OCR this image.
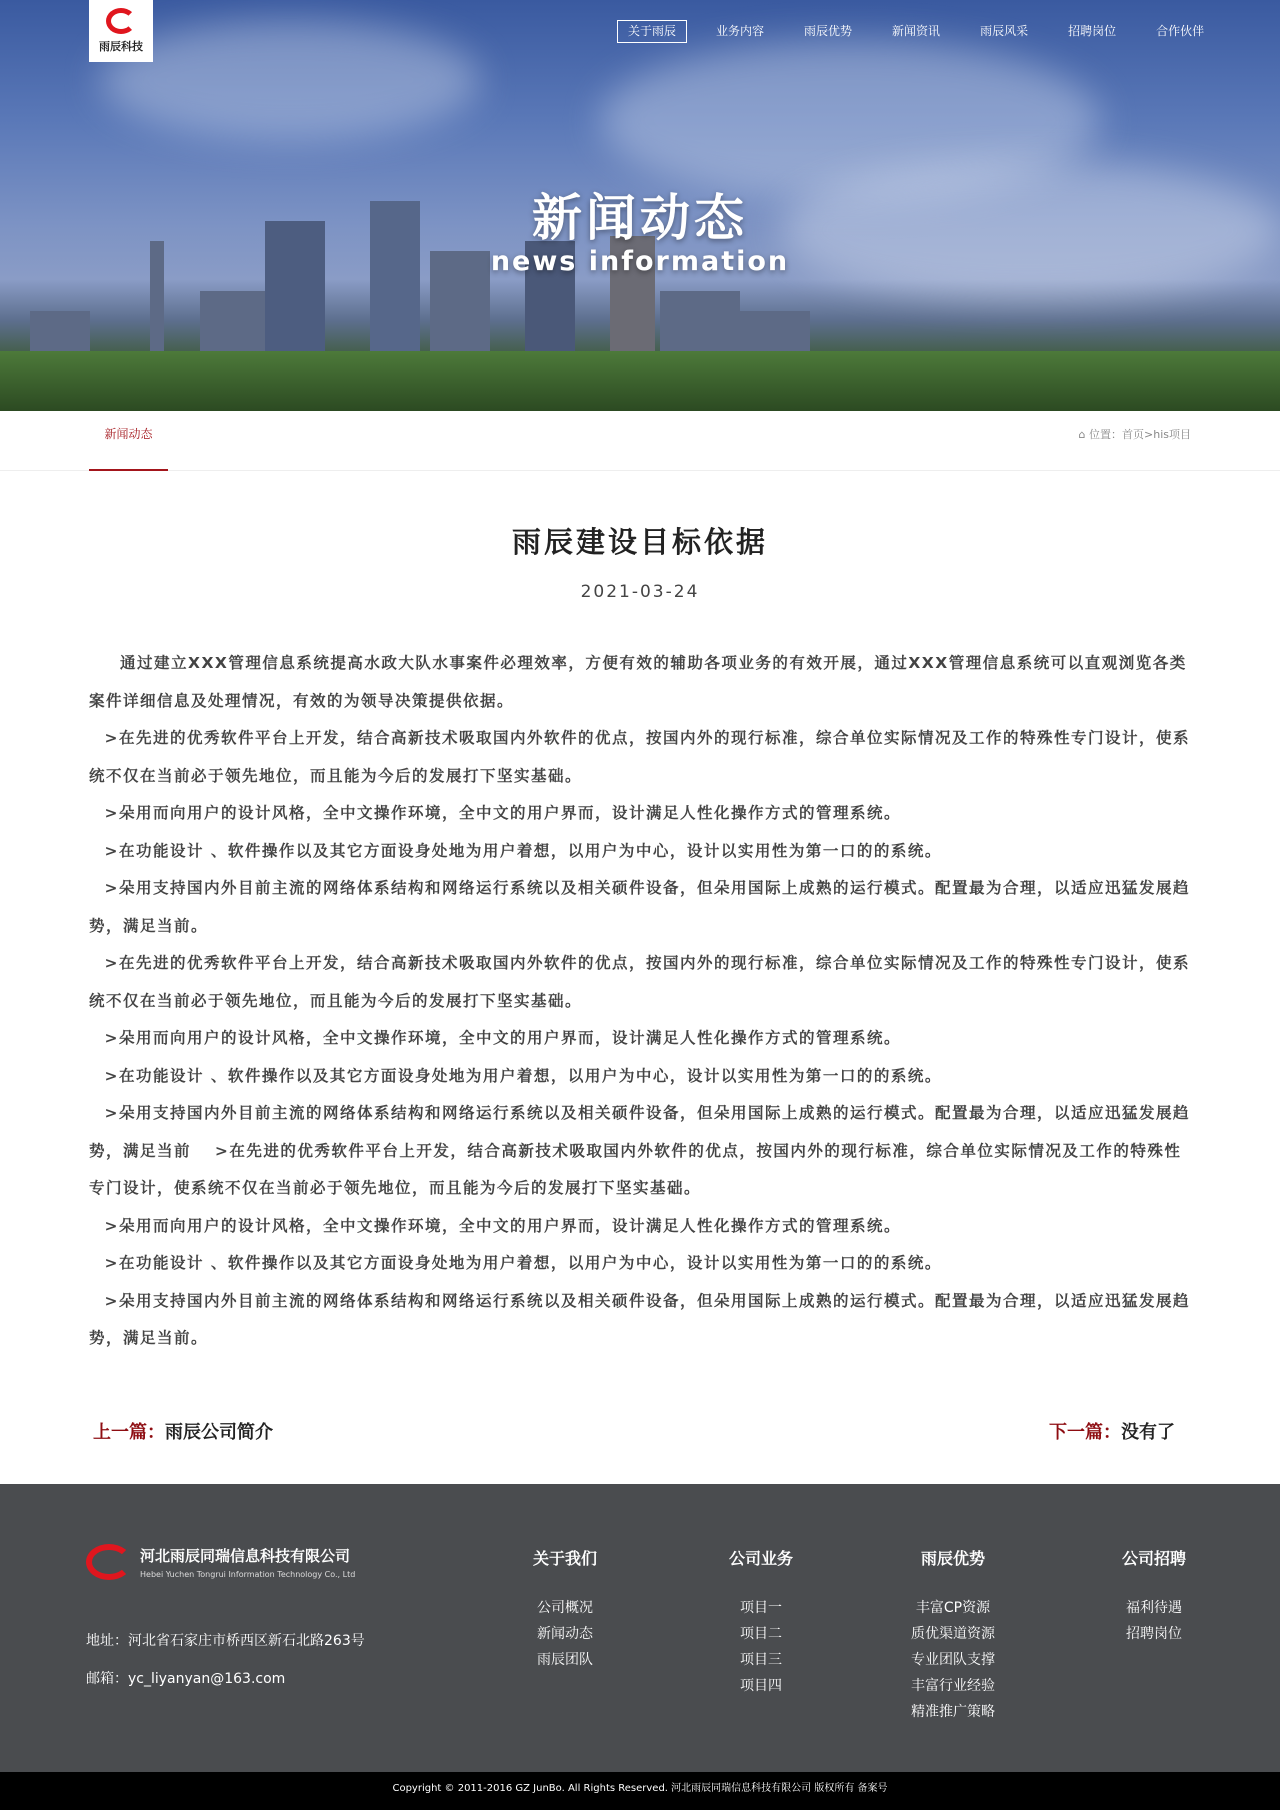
新闻动态
news information
雨辰科技
关于雨辰	业务内容	雨辰优势	新闻资讯	雨辰风采	招聘岗位	合作伙伴
新闻动态	⌂ 位置：首页>his项目
雨辰建设目标依据
2021-03-24

通过建立XXX管理信息系统提高水政大队水事案件必理效率，方便有效的辅助各项业务的有效开展，通过XXX管理信息系统可以直观浏览各类案件详细信息及处理情况，有效的为领导决策提供依据。

>在先进的优秀软件平台上开发，结合高新技术吸取国内外软件的优点，按国内外的现行标准，综合单位实际情况及工作的特殊性专门设计，使系统不仅在当前必于领先地位，而且能为今后的发展打下坚实基础。

>朵用而向用户的设计风格，全中文操作环境，全中文的用户界而，设计满足人性化操作方式的管理系统。

>在功能设计 、软件操作以及其它方面设身处地为用户着想，以用户为中心，设计以实用性为第一口的的系统。

>朵用支持国内外目前主流的网络体系结构和网络运行系统以及相关硕件设备，但朵用国际上成熟的运行模式。配置最为合理，以适应迅猛发展趋势，满足当前。

>在先进的优秀软件平台上开发，结合高新技术吸取国内外软件的优点，按国内外的现行标准，综合单位实际情况及工作的特殊性专门设计，使系统不仅在当前必于领先地位，而且能为今后的发展打下坚实基础。

>朵用而向用户的设计风格，全中文操作环境，全中文的用户界而，设计满足人性化操作方式的管理系统。

>在功能设计 、软件操作以及其它方面设身处地为用户着想，以用户为中心，设计以实用性为第一口的的系统。

>朵用支持国内外目前主流的网络体系结构和网络运行系统以及相关硕件设备，但朵用国际上成熟的运行模式。配置最为合理，以适应迅猛发展趋势，满足当前　 >在先进的优秀软件平台上开发，结合高新技术吸取国内外软件的优点，按国内外的现行标准，综合单位实际情况及工作的特殊性专门设计，使系统不仅在当前必于领先地位，而且能为今后的发展打下坚实基础。

>朵用而向用户的设计风格，全中文操作环境，全中文的用户界而，设计满足人性化操作方式的管理系统。

>在功能设计 、软件操作以及其它方面设身处地为用户着想，以用户为中心，设计以实用性为第一口的的系统。

>朵用支持国内外目前主流的网络体系结构和网络运行系统以及相关硕件设备，但朵用国际上成熟的运行模式。配置最为合理，以适应迅猛发展趋势，满足当前。

上一篇：雨辰公司简介	下一篇：没有了
河北雨辰同瑞信息科技有限公司
Hebei Yuchen Tongrui Information Technology Co., Ltd
地址：河北省石家庄市桥西区新石北路263号
邮箱：yc_liyanyan@163.com
关于我们
公司概况
新闻动态
雨辰团队
公司业务
项目一
项目二
项目三
项目四
雨辰优势
丰富CP资源
质优渠道资源
专业团队支撑
丰富行业经验
精准推广策略
公司招聘
福利待遇
招聘岗位
Copyright © 2011-2016 GZ JunBo. All Rights Reserved. 河北雨辰同瑞信息科技有限公司 版权所有 备案号
